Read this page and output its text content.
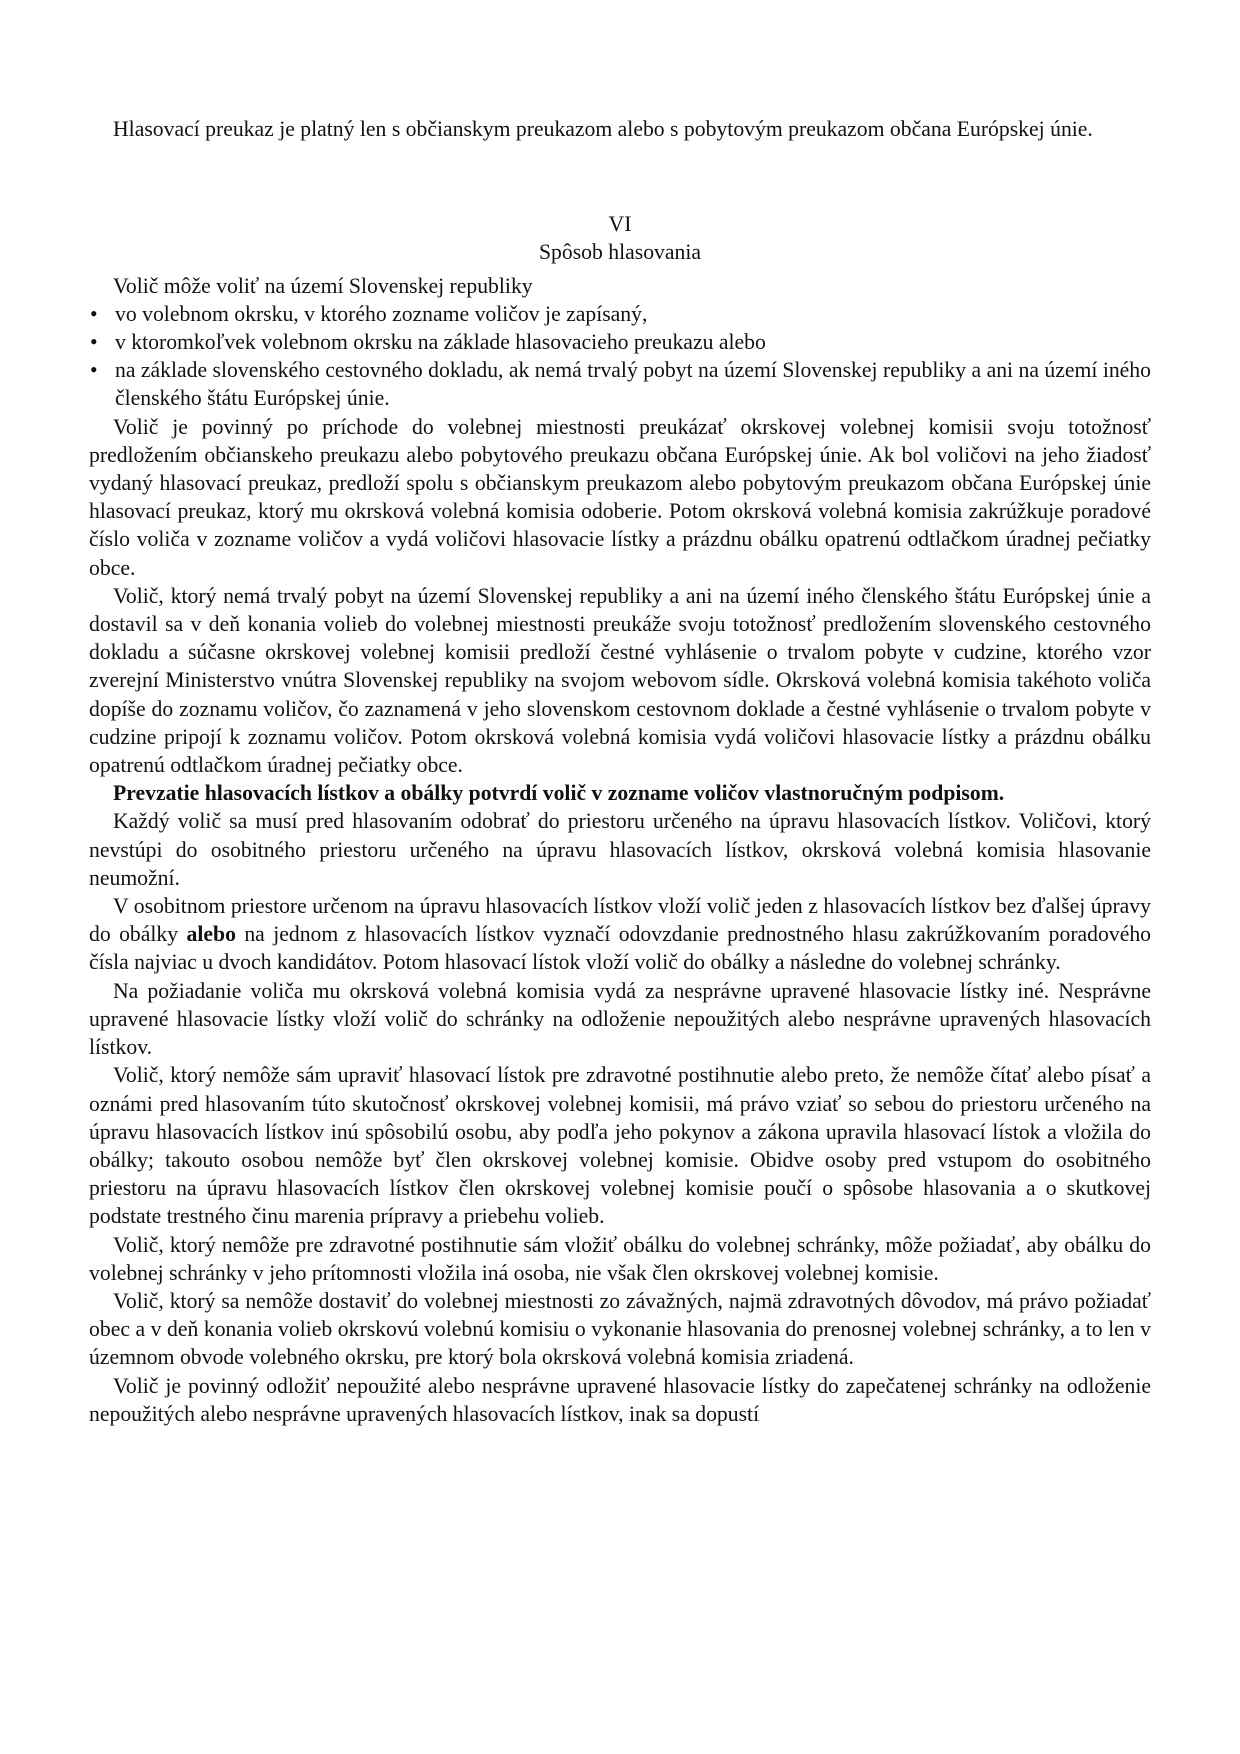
Hlasovací preukaz je platný len s občianskym preukazom alebo s pobytovým preukazom občana Európskej únie.

VI

Spôsob hlasovania

Volič môže voliť na území Slovenskej republiky

• vo volebnom okrsku, v ktorého zozname voličov je zapísaný,
• v ktoromkoľvek volebnom okrsku na základe hlasovacieho preukazu alebo
• na základe slovenského cestovného dokladu, ak nemá trvalý pobyt na území Slovenskej republiky a ani na území iného členského štátu Európskej únie.

Volič je povinný po príchode do volebnej miestnosti preukázať okrskovej volebnej komisii svoju totožnosť predložením občianskeho preukazu alebo pobytového preukazu občana Európskej únie. Ak bol voličovi na jeho žiadosť vydaný hlasovací preukaz, predloží spolu s občianskym preukazom alebo pobytovým preukazom občana Európskej únie hlasovací preukaz, ktorý mu okrsková volebná komisia odoberie. Potom okrsková volebná komisia zakrúžkuje poradové číslo voliča v zozname voličov a vydá voličovi hlasovacie lístky a prázdnu obálku opatrenú odtlačkom úradnej pečiatky obce.

Volič, ktorý nemá trvalý pobyt na území Slovenskej republiky a ani na území iného členského štátu Európskej únie a dostavil sa v deň konania volieb do volebnej miestnosti preukáže svoju totožnosť predložením slovenského cestovného dokladu a súčasne okrskovej volebnej komisii predloží čestné vyhlásenie o trvalom pobyte v cudzine, ktorého vzor zverejní Ministerstvo vnútra Slovenskej republiky na svojom webovom sídle. Okrsková volebná komisia takéhoto voliča dopíše do zoznamu voličov, čo zaznamená v jeho slovenskom cestovnom doklade a čestné vyhlásenie o trvalom pobyte v cudzine pripojí k zoznamu voličov. Potom okrsková volebná komisia vydá voličovi hlasovacie lístky a prázdnu obálku opatrenú odtlačkom úradnej pečiatky obce.

Prevzatie hlasovacích lístkov a obálky potvrdí volič v zozname voličov vlastnoručným podpisom.

Každý volič sa musí pred hlasovaním odobrať do priestoru určeného na úpravu hlasovacích lístkov. Voličovi, ktorý nevstúpi do osobitného priestoru určeného na úpravu hlasovacích lístkov, okrsková volebná komisia hlasovanie neumožní.

V osobitnom priestore určenom na úpravu hlasovacích lístkov vloží volič jeden z hlasovacích lístkov bez ďalšej úpravy do obálky alebo na jednom z hlasovacích lístkov vyznačí odovzdanie prednostného hlasu zakrúžkovaním poradového čísla najviac u dvoch kandidátov. Potom hlasovací lístok vloží volič do obálky a následne do volebnej schránky.

Na požiadanie voliča mu okrsková volebná komisia vydá za nesprávne upravené hlasovacie lístky iné. Nesprávne upravené hlasovacie lístky vloží volič do schránky na odloženie nepoužitých alebo nesprávne upravených hlasovacích lístkov.

Volič, ktorý nemôže sám upraviť hlasovací lístok pre zdravotné postihnutie alebo preto, že nemôže čítať alebo písať a oznámi pred hlasovaním túto skutočnosť okrskovej volebnej komisii, má právo vziať so sebou do priestoru určeného na úpravu hlasovacích lístkov inú spôsobilú osobu, aby podľa jeho pokynov a zákona upravila hlasovací lístok a vložila do obálky; takouto osobou nemôže byť člen okrskovej volebnej komisie. Obidve osoby pred vstupom do osobitného priestoru na úpravu hlasovacích lístkov člen okrskovej volebnej komisie poučí o spôsobe hlasovania a o skutkovej podstate trestného činu marenia prípravy a priebehu volieb.

Volič, ktorý nemôže pre zdravotné postihnutie sám vložiť obálku do volebnej schránky, môže požiadať, aby obálku do volebnej schránky v jeho prítomnosti vložila iná osoba, nie však člen okrskovej volebnej komisie.

Volič, ktorý sa nemôže dostaviť do volebnej miestnosti zo závažných, najmä zdravotných dôvodov, má právo požiadať obec a v deň konania volieb okrskovú volebnú komisiu o vykonanie hlasovania do prenosnej volebnej schránky, a to len v územnom obvode volebného okrsku, pre ktorý bola okrsková volebná komisia zriadená.

Volič je povinný odložiť nepoužité alebo nesprávne upravené hlasovacie lístky do zapečatenej schránky na odloženie nepoužitých alebo nesprávne upravených hlasovacích lístkov, inak sa dopustí
